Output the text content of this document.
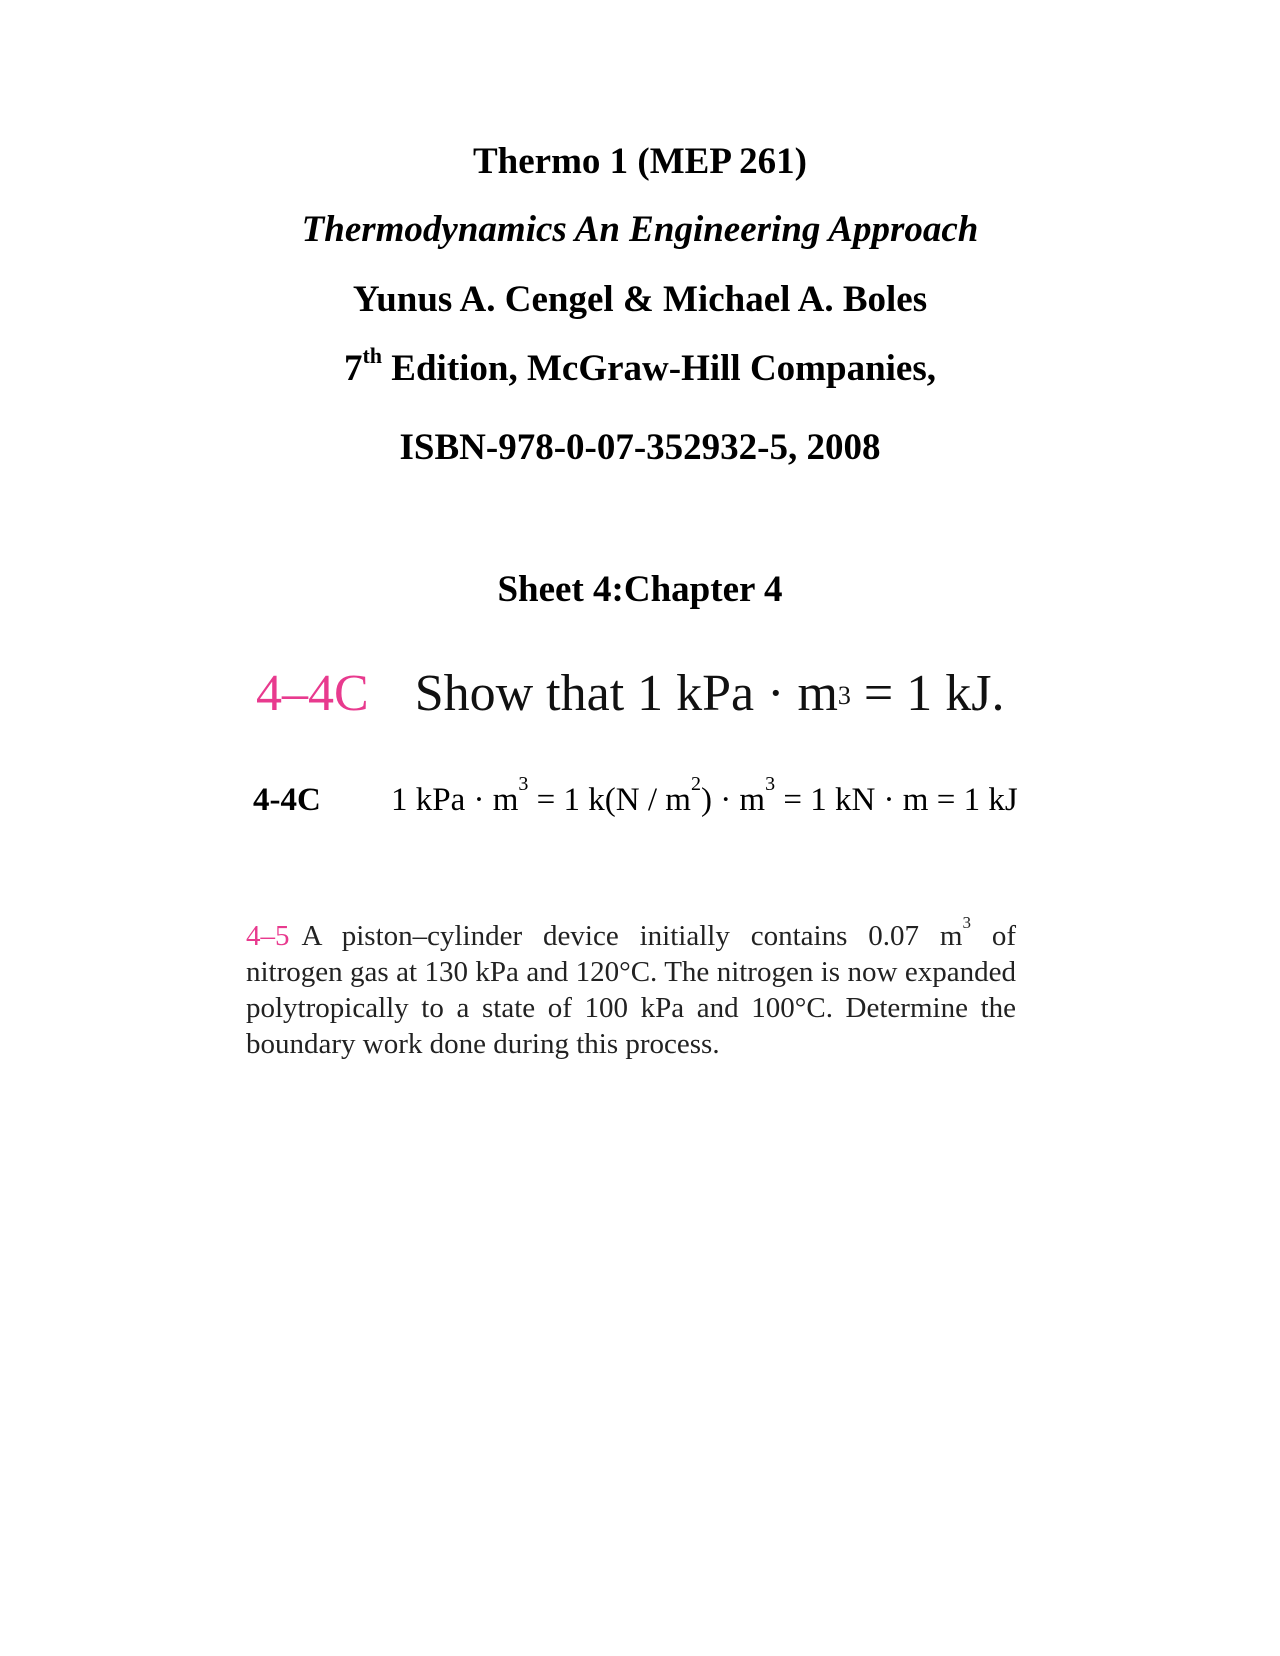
Thermo 1 (MEP 261)
Thermodynamics An Engineering Approach
Yunus A. Cengel & Michael A. Boles
7th Edition, McGraw-Hill Companies,
ISBN-978-0-07-352932-5, 2008
Sheet 4:Chapter 4
4–4C Show that 1 kPa · $m^3 = 1$ kJ.
4-4C 1 kPa · $m^3 = 1$ $k(N / m^2) \cdot m^3 = 1$ kN · m = 1 kJ
4–5 A piston–cylinder device initially contains 0.07 $m^3$ of nitrogen gas at 130 kPa and 120°C. The nitrogen is now expanded polytropically to a state of 100 kPa and 100°C. Determine the boundary work done during this process.
